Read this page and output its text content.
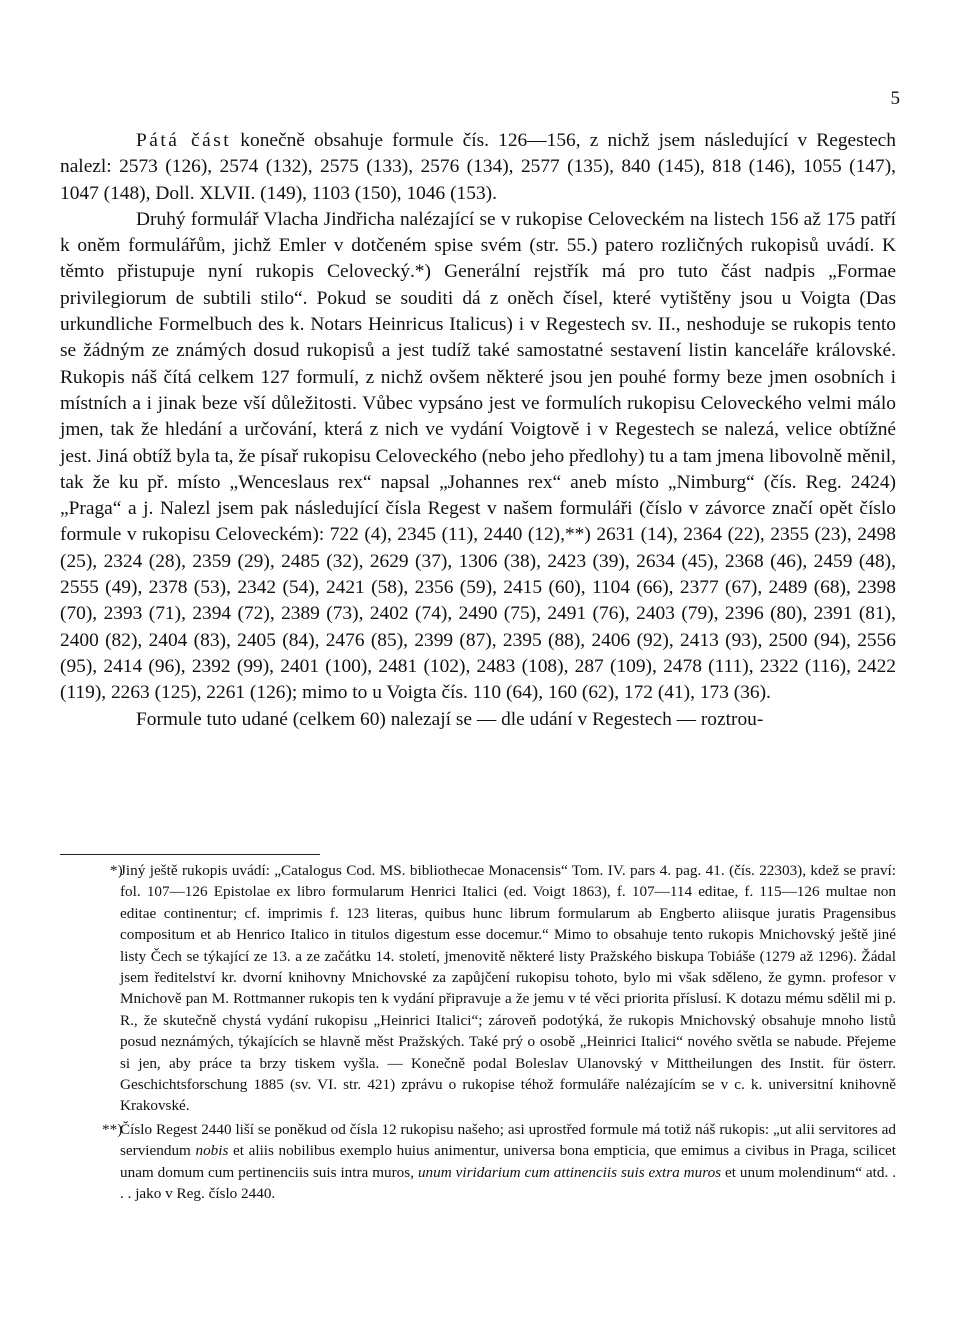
5

Pátá část konečně obsahuje formule čís. 126—156, z nichž jsem následující v Regestech nalezl: 2573 (126), 2574 (132), 2575 (133), 2576 (134), 2577 (135), 840 (145), 818 (146), 1055 (147), 1047 (148), Doll. XLVII. (149), 1103 (150), 1046 (153).

Druhý formulář Vlacha Jindřicha nalézající se v rukopise Celoveckém na listech 156 až 175 patří k oněm formulářům, jichž Emler v dotčeném spise svém (str. 55.) patero rozličných rukopisů uvádí. K těmto přistupuje nyní rukopis Celovecký.*) Generální rejstřík má pro tuto část nadpis „Formae privilegiorum de subtili stilo“. Pokud se souditi dá z oněch čísel, které vytištěny jsou u Voigta (Das urkundliche Formelbuch des k. Notars Heinricus Italicus) i v Regestech sv. II., neshoduje se rukopis tento se žádným ze známých dosud rukopisů a jest tudíž také samostatné sestavení listin kanceláře královské. Rukopis náš čítá celkem 127 formulí, z nichž ovšem některé jsou jen pouhé formy beze jmen osobních i místních a i jinak beze vší důležitosti. Vůbec vypsáno jest ve formulích rukopisu Celoveckého velmi málo jmen, tak že hledání a určování, která z nich ve vydání Voigtově i v Regestech se nalezá, velice obtížné jest. Jiná obtíž byla ta, že písař rukopisu Celoveckého (nebo jeho předlohy) tu a tam jmena libovolně měnil, tak že ku př. místo „Wenceslaus rex“ napsal „Johannes rex“ aneb místo „Nimburg“ (čís. Reg. 2424) „Praga“ a j. Nalezl jsem pak následující čísla Regest v našem formuláři (číslo v závorce značí opět číslo formule v rukopisu Celoveckém): 722 (4), 2345 (11), 2440 (12),**) 2631 (14), 2364 (22), 2355 (23), 2498 (25), 2324 (28), 2359 (29), 2485 (32), 2629 (37), 1306 (38), 2423 (39), 2634 (45), 2368 (46), 2459 (48), 2555 (49), 2378 (53), 2342 (54), 2421 (58), 2356 (59), 2415 (60), 1104 (66), 2377 (67), 2489 (68), 2398 (70), 2393 (71), 2394 (72), 2389 (73), 2402 (74), 2490 (75), 2491 (76), 2403 (79), 2396 (80), 2391 (81), 2400 (82), 2404 (83), 2405 (84), 2476 (85), 2399 (87), 2395 (88), 2406 (92), 2413 (93), 2500 (94), 2556 (95), 2414 (96), 2392 (99), 2401 (100), 2481 (102), 2483 (108), 287 (109), 2478 (111), 2322 (116), 2422 (119), 2263 (125), 2261 (126); mimo to u Voigta čís. 110 (64), 160 (62), 172 (41), 173 (36).

Formule tuto udané (celkem 60) nalezají se — dle udání v Regestech — roztrou-

*)
Jiný ještě rukopis uvádí: „Catalogus Cod. MS. bibliothecae Monacensis“ Tom. IV. pars 4. pag. 41. (čís. 22303), kdež se praví: fol. 107—126 Epistolae ex libro formularum Henrici Italici (ed. Voigt 1863), f. 107—114 editae, f. 115—126 multae non editae continentur; cf. imprimis f. 123 literas, quibus hunc librum formularum ab Engberto aliisque juratis Pragensibus compositum et ab Henrico Italico in titulos digestum esse docemur.“ Mimo to obsahuje tento rukopis Mnichovský ještě jiné listy Čech se týkající ze 13. a ze začátku 14. století, jmenovitě některé listy Pražského biskupa Tobiáše (1279 až 1296). Žádal jsem ředitelství kr. dvorní knihovny Mnichovské za zapůjčení rukopisu tohoto, bylo mi však sděleno, že gymn. profesor v Mnichově pan M. Rottmanner rukopis ten k vydání připravuje a že jemu v té věci priorita příslusí. K dotazu mému sdělil mi p. R., že skutečně chystá vydání rukopisu „Heinrici Italici“; zároveň podotýká, že rukopis Mnichovský obsahuje mnoho listů posud neznámých, týkajících se hlavně měst Pražských. Také prý o osobě „Heinrici Italici“ nového světla se nabude. Přejeme si jen, aby práce ta brzy tiskem vyšla. — Konečně podal Boleslav Ulanovský v Mittheilungen des Instit. für österr. Geschichtsforschung 1885 (sv. VI. str. 421) zprávu o rukopise téhož formuláře nalézajícím se v c. k. universitní knihovně Krakovské.
**)
Číslo Regest 2440 liší se poněkud od čísla 12 rukopisu našeho; asi uprostřed formule má totiž náš rukopis: „ut alii servitores ad serviendum nobis et aliis nobilibus exemplo huius animentur, universa bona empticia, que emimus a civibus in Praga, scilicet unam domum cum pertinenciis suis intra muros, unum viridarium cum attinenciis suis extra muros et unum molendinum“ atd. . . . jako v Reg. číslo 2440.
